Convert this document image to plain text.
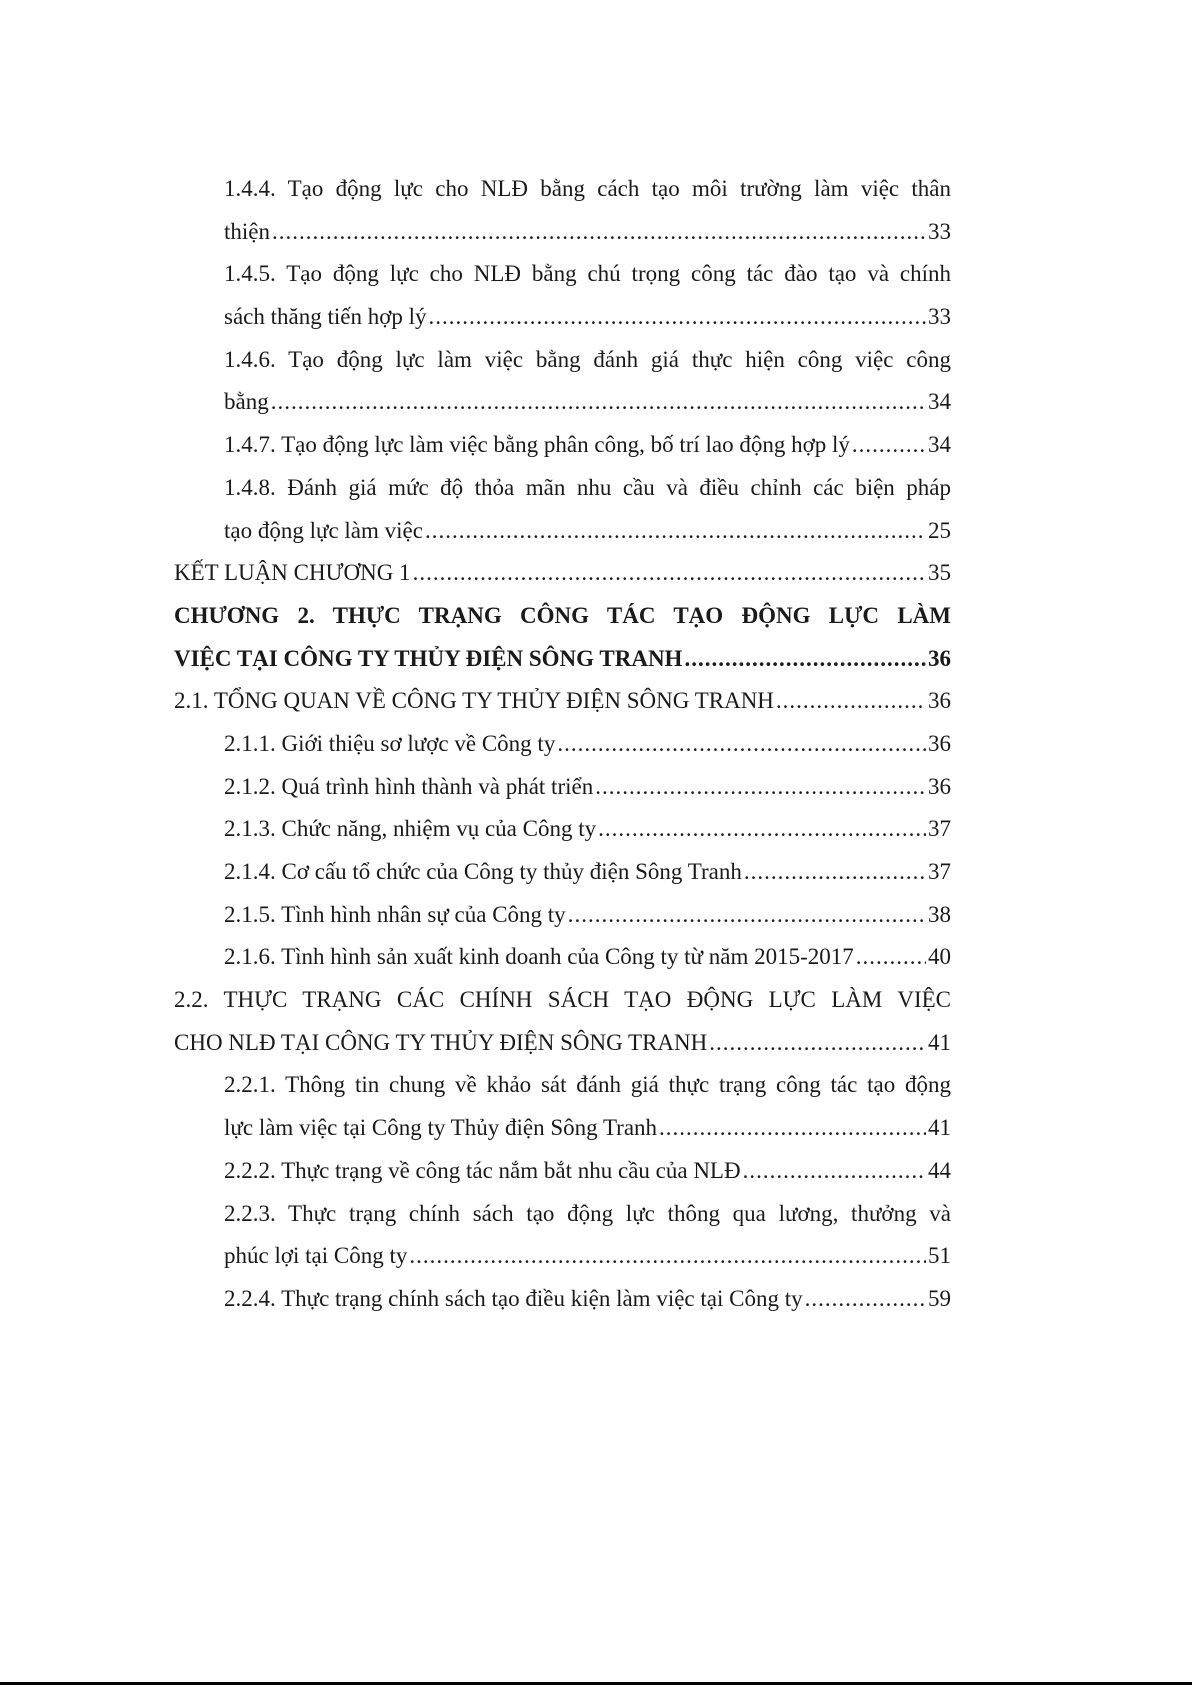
1.4.4. Tạo động lực cho NLĐ bằng cách tạo môi trường làm việc thân
thiện .....	33
1.4.5. Tạo động lực cho NLĐ bằng chú trọng công tác đào tạo và chính
sách thăng tiến hợp lý .....	33
1.4.6. Tạo động lực làm việc bằng đánh giá thực hiện công việc công
bằng .....	34
1.4.7. Tạo động lực làm việc bằng phân công, bố trí lao động hợp lý .....	34
1.4.8. Đánh giá mức độ thỏa mãn nhu cầu và điều chỉnh các biện pháp
tạo động lực làm việc .....	25
KẾT LUẬN CHƯƠNG 1 .....	35
CHƯƠNG 2. THỰC TRẠNG CÔNG TÁC TẠO ĐỘNG LỰC LÀM
VIỆC TẠI CÔNG TY THỦY ĐIỆN SÔNG TRANH .....	36
2.1. TỔNG QUAN VỀ CÔNG TY THỦY ĐIỆN SÔNG TRANH .....	36
2.1.1. Giới thiệu sơ lược về Công ty .....	36
2.1.2. Quá trình hình thành và phát triển .....	36
2.1.3. Chức năng, nhiệm vụ của Công ty .....	37
2.1.4. Cơ cấu tổ chức của Công ty thủy điện Sông Tranh .....	37
2.1.5. Tình hình nhân sự của Công ty .....	38
2.1.6. Tình hình sản xuất kinh doanh của Công ty từ năm 2015-2017 .....	40
2.2. THỰC TRẠNG CÁC CHÍNH SÁCH TẠO ĐỘNG LỰC LÀM VIỆC
CHO NLĐ TẠI CÔNG TY THỦY ĐIỆN SÔNG TRANH .....	41
2.2.1. Thông tin chung về khảo sát đánh giá thực trạng công tác tạo động
lực làm việc tại Công ty Thủy điện Sông Tranh .....	41
2.2.2. Thực trạng về công tác nắm bắt nhu cầu của NLĐ .....	44
2.2.3. Thực trạng chính sách tạo động lực thông qua lương, thưởng và
phúc lợi tại Công ty .....	51
2.2.4. Thực trạng chính sách tạo điều kiện làm việc tại Công ty .....	59
